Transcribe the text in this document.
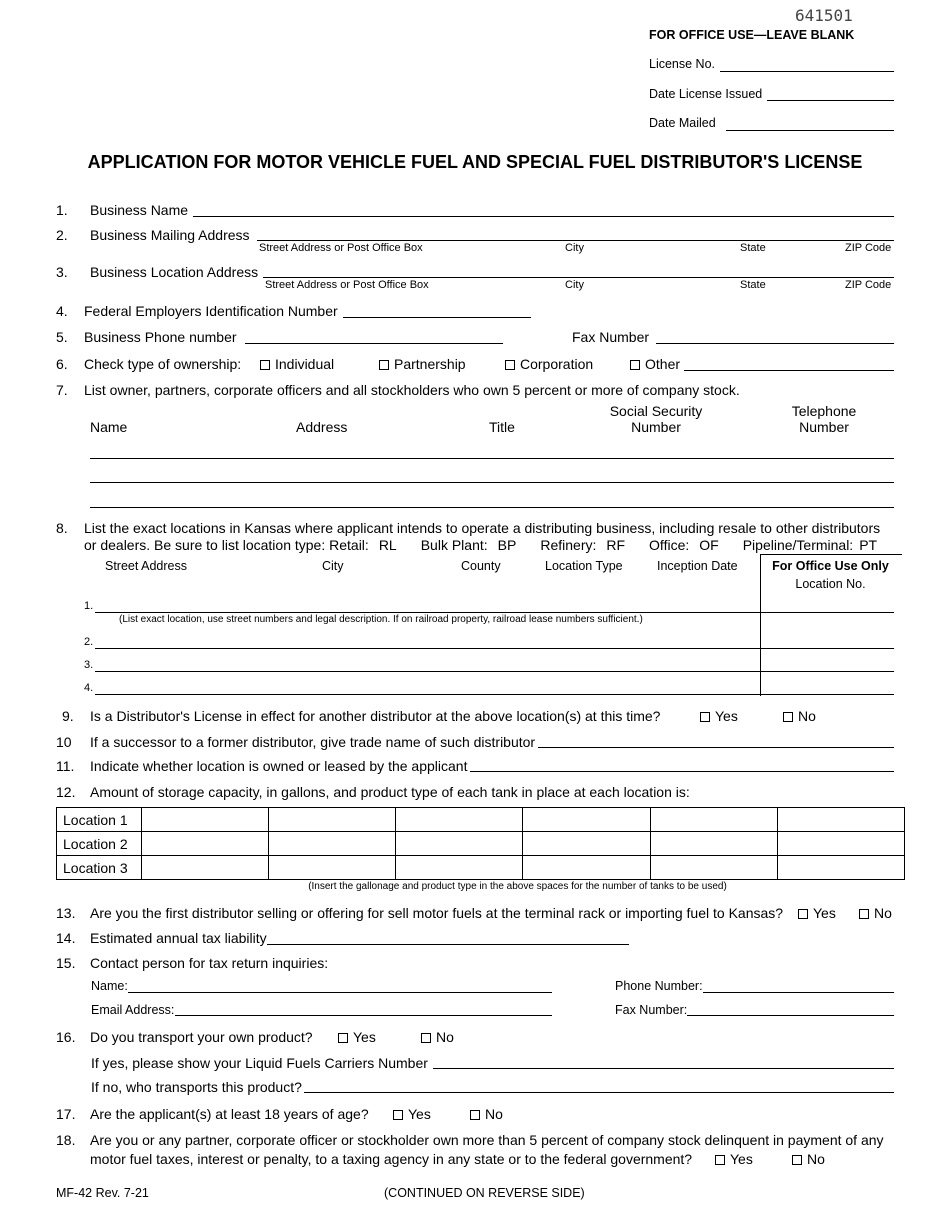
641501
FOR OFFICE USE—LEAVE BLANK
License No.
Date License Issued
Date Mailed
APPLICATION FOR MOTOR VEHICLE FUEL AND SPECIAL FUEL DISTRIBUTOR'S LICENSE
1. Business Name
2. Business Mailing Address
Street Address or Post Office Box	City	State	ZIP Code
3. Business Location Address
Street Address or Post Office Box	City	State	ZIP Code
4. Federal Employers Identification Number
5. Business Phone number	Fax Number
6. Check type of ownership:	Individual	Partnership	Corporation	Other
7. List owner, partners, corporate officers and all stockholders who own 5 percent or more of company stock.
Name	Address	Title
Social Security
Number
Telephone
Number
8. List the exact locations in Kansas where applicant intends to operate a distributing business, including resale to other distributors
or dealers. Be sure to list location type: Retail: RL Bulk Plant: BP Refinery: RF Office: OF Pipeline/Terminal: PT
Street Address	City	County	Location Type	Inception Date	For Office Use Only
Location No.
1.
(List exact location, use street numbers and legal description. If on railroad property, railroad lease numbers sufficient.)
2.
3.
4.
9. Is a Distributor's License in effect for another distributor at the above location(s) at this time?	Yes	No
10 If a successor to a former distributor, give trade name of such distributor
11. Indicate whether location is owned or leased by the applicant
12. Amount of storage capacity, in gallons, and product type of each tank in place at each location is:
Location 1						
Location 2						
Location 3						
(Insert the gallonage and product type in the above spaces for the number of tanks to be used)
13. Are you the first distributor selling or offering for sell motor fuels at the terminal rack or importing fuel to Kansas?	Yes	No
14. Estimated annual tax liability
15. Contact person for tax return inquiries:
Name:
Email Address:
Phone Number:
Fax Number:
16. Do you transport your own product?	Yes	No
If yes, please show your Liquid Fuels Carriers Number
If no, who transports this product?
17. Are the applicant(s) at least 18 years of age?	Yes	No
18. Are you or any partner, corporate officer or stockholder own more than 5 percent of company stock delinquent in payment of any
motor fuel taxes, interest or penalty, to a taxing agency in any state or to the federal government?	Yes	No
MF-42 Rev. 7-21	(CONTINUED ON REVERSE SIDE)
